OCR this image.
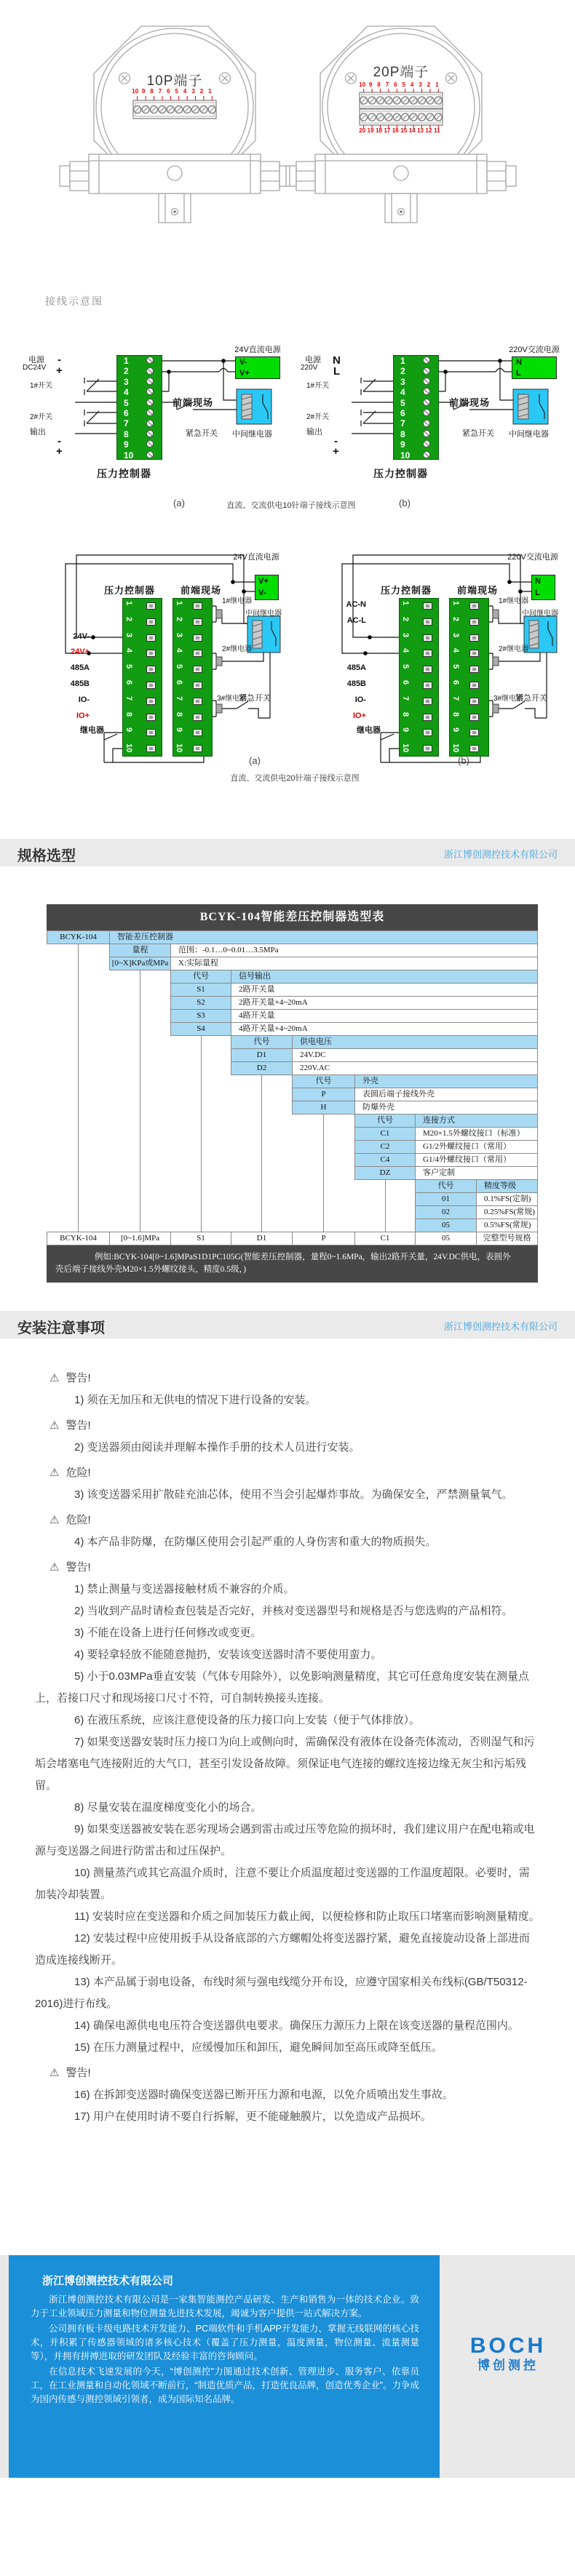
10P端子
20P端子
10 9 8 7 6 5 4 3 2 1
10 9 8 7 6 5 4 3 2 1
20 19 18 17 16 15 14 13 12 11
接线示意图
24V直流电源
V-
V+
电源
DC24V
-
+
1#开关
2#开关
输出
-
+
前端现场
紧急开关 中间继电器
压力控制器
1
2
3
4
5
6
7
8
9
10
220V交流电源
N
L
电源
220V
N
L
1#开关
2#开关
输出
-
+
前端现场
紧急开关	中间继电器
压力控制器
1
2
3
4
5
6
7
8
9
10
(a)	直流、交流供电10针端子接线示意图	(b)
24V直流电源
V+
V-
压力控制器	前端现场
1#继电器
2#继电器
3#继电器
中间继电器
紧急开关
1
2
3
4
5
6
7
8
9
10
1
2
3
4
5
6
7
8
9
10
24V-
24V+
485A
485B
IO-
IO+
继电器
220V交流电源
N
L
压力控制器	前端现场
1#继电器
2#继电器
3#继电器
中间继电器
紧急开关
1
2
3
4
5
6
7
8
9
10
1
2
3
4
5
6
7
8
9
10
AC-N
AC-L
485A
485B
IO-
IO+
继电器
(a)	(b)
直流、交流供电20针端子接线示意图
规格选型	浙江博创测控技术有限公司
BCYK-104智能差压控制器选型表
例如:BCYK-104[0~1.6]MPaS1D1PC105G(智能差压控制器，量程0~1.6MPa，输出2路开关量，24V.DC供电，表圆外壳后端子接线外壳M20×1.5外螺纹接头，精度0.5级，)
BCYK-104	智能差压控制器
量程	范围：-0.1…0~0.01…3.5MPa
[0~X]KPa或MPa	X:实际量程
代号	信号输出
S1	2路开关量
S2	2路开关量+4~20mA
S3	4路开关量
S4	4路开关量+4~20mA
代号	供电电压
D1	24V.DC
D2	220V.AC
代号	外壳
P	表圆后端子接线外壳
H	防爆外壳
代号	连接方式
C1	M20×1.5外螺纹接口（标准）
C2	G1/2外螺纹接口（常用）
C4	G1/4外螺纹接口（常用）
DZ	客户定制
代号	精度等级
01	0.1%FS(定制)
02	0.25%FS(常规)
05	0.5%FS(常规)
BCYK-104	[0~1.6]MPa	S1	D1	P	C1	05	完整型号规格
安装注意事项	浙江博创测控技术有限公司
⚠ 警告!

1) 须在无加压和无供电的情况下进行设备的安装。

⚠ 警告!

2) 变送器须由阅读并理解本操作手册的技术人员进行安装。

⚠ 危险!

3) 该变送器采用扩散硅充油芯体，使用不当会引起爆炸事故。为确保安全，严禁测量氧气。

⚠ 危险!

4) 本产品非防爆，在防爆区使用会引起严重的人身伤害和重大的物质损失。

⚠ 警告!

1) 禁止测量与变送器接触材质不兼容的介质。

2) 当收到产品时请检查包装是否完好，并核对变送器型号和规格是否与您选购的产品相符。

3) 不能在设备上进行任何修改或变更。

4) 要轻拿轻放不能随意抛扔，安装该变送器时清不要使用蛮力。

5) 小于0.03MPa垂直安装（气体专用除外），以免影响测量精度，其它可任意角度安装在测量点上，若接口尺寸和现场接口尺寸不符，可自制转换接头连接。

6) 在液压系统，应该注意使设备的压力接口向上安装（便于气体排放）。

7) 如果变送器安装时压力接口为向上或侧向时，需确保没有液体在设备壳体流动，否则湿气和污垢会堵塞电气连接附近的大气口，甚至引发设备故障。须保证电气连接的螺纹连接边缘无灰尘和污垢残留。

8) 尽量安装在温度梯度变化小的场合。

9) 如果变送器被安装在恶劣现场会遇到雷击或过压等危险的损坏时，我们建议用户在配电箱或电源与变送器之间进行防雷击和过压保护。

10) 测量蒸汽或其它高温介质时，注意不要让介质温度超过变送器的工作温度超限。必要时，需加装冷却装置。

11) 安装时应在变送器和介质之间加装压力截止阀，以便检修和防止取压口堵塞而影响测量精度。

12) 安装过程中应使用扳手从设备底部的六方螺帽处将变送器拧紧，避免直接旋动设备上部进而造成连接线断开。

13) 本产品属于弱电设备，布线时须与强电线缆分开布设，应遵守国家相关布线标(GB/T50312-2016)进行布线。

14) 确保电源供电电压符合变送器供电要求。确保压力源压力上限在该变送器的量程范围内。

15) 在压力测量过程中，应缓慢加压和卸压，避免瞬间加至高压或降至低压。

⚠ 警告!

16) 在拆卸变送器时确保变送器已断开压力源和电源，以免介质喷出发生事故。

17) 用户在使用时请不要自行拆解，更不能碰触膜片，以免造成产品损坏。

浙江博创测控技术有限公司

浙江博创测控技术有限公司是一家集智能测控产品研发、生产和销售为一体的技术企业。致力于工业领域压力测量和物位测量先进技术发展，竭诚为客户提供一站式解决方案。

公司拥有板卡级电路技术开发能力、PC端软件和手机APP开发能力、掌握无线联网的核心技术，并积累了传感器领域的诸多核心技术（覆盖了压力测量，温度测量，物位测量、流量测量等），并拥有拼搏进取的研发团队及经验丰富的咨询顾问。

在信息技术飞速发展的今天，“博创测控”力图通过技术创新、管理进步、服务客户、依靠员工，在工业测量和自动化领域不断前行，“制造优质产品，打造优良品牌，创造优秀企业”。力争成为国内传感与测控领域引领者，成为国际知名品牌。

BOCH
博创测控
